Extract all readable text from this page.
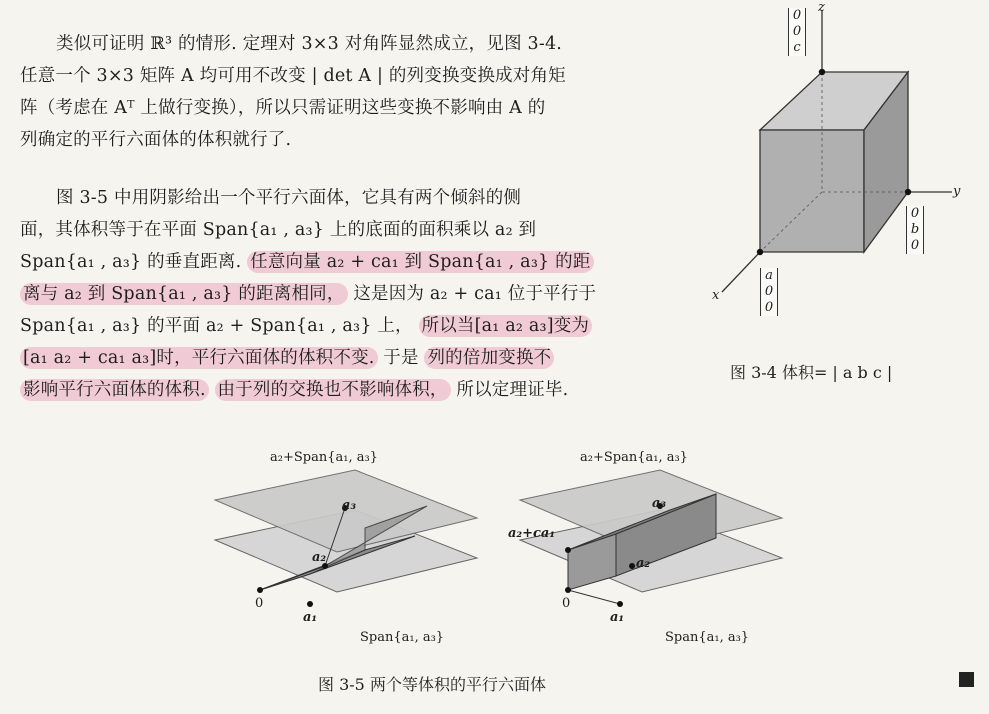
类似可证明 ℝ³ 的情形. 定理对 3×3 对角阵显然成立，见图 3-4.
任意一个 3×3 矩阵 A 均可用不改变 | det A | 的列变换变换成对角矩
阵（考虑在 Aᵀ 上做行变换），所以只需证明这些变换不影响由 A 的
列确定的平行六面体的体积就行了.
图 3-5 中用阴影给出一个平行六面体，它具有两个倾斜的侧
面，其体积等于在平面 Span{a₁ , a₃} 上的底面的面积乘以 a₂ 到
Span{a₁ , a₃} 的垂直距离. 任意向量 a₂ + ca₁ 到 Span{a₁ , a₃} 的距
离与 a₂ 到 Span{a₁ , a₃} 的距离相同， 这是因为 a₂ + ca₁ 位于平行于
Span{a₁ , a₃} 的平面 a₂ + Span{a₁ , a₃} 上， 所以当[a₁ a₂ a₃]变为
[a₁ a₂ + ca₁ a₃]时，平行六面体的体积不变. 于是 列的倍加变换不
影响平行六面体的体积. 由于列的交换也不影响体积， 所以定理证毕.
z
y
x
0
0
c
0
b
0
a
0
0
图 3-4 体积= | a b c |
a₂+Span{a₁, a₃}
Span{a₁, a₃}
a₃
a₂
0
a₁
a₂+Span{a₁, a₃}
Span{a₁, a₃}
a₃
a₂
a₂+ca₁
0
a₁
图 3-5 两个等体积的平行六面体
